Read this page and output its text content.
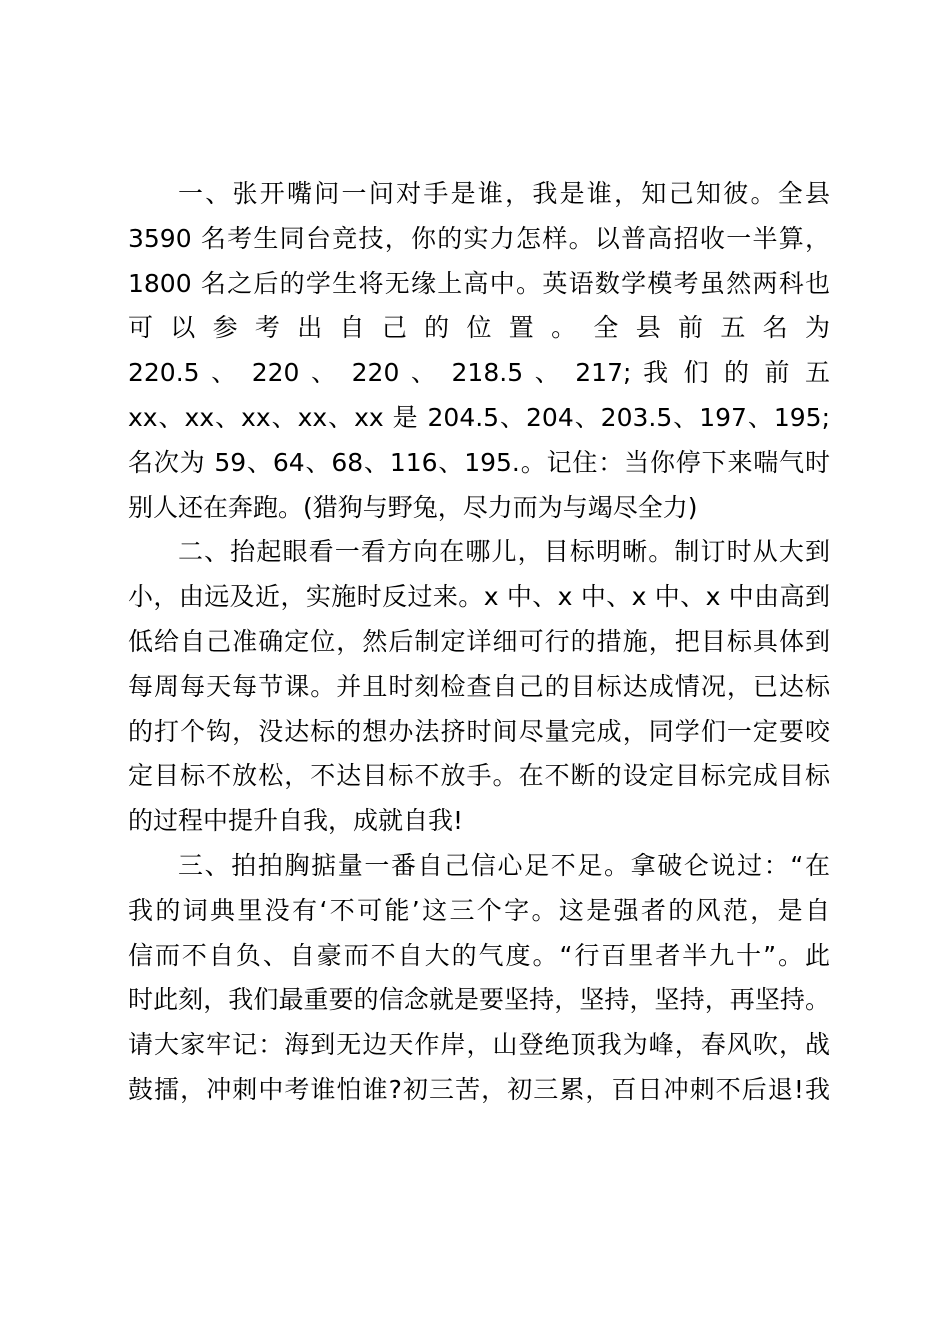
一、张开嘴问一问对手是谁，我是谁，知己知彼。全县
3590 名考生同台竞技，你的实力怎样。以普高招收一半算，
1800 名之后的学生将无缘上高中。英语数学模考虽然两科也
可 以 参 考 出 自 己 的 位 置 。 全 县 前 五 名 为
220.5 、 220 、 220 、 218.5 、 217; 我 们 的 前 五
xx、xx、xx、xx、xx 是 204.5、204、203.5、197、195;
名次为 59、64、68、116、195.。记住：当你停下来喘气时
别人还在奔跑。(猎狗与野兔，尽力而为与竭尽全力)
二、抬起眼看一看方向在哪儿，目标明晰。制订时从大到
小，由远及近，实施时反过来。x 中、x 中、x 中、x 中由高到
低给自己准确定位，然后制定详细可行的措施，把目标具体到
每周每天每节课。并且时刻检查自己的目标达成情况，已达标
的打个钩，没达标的想办法挤时间尽量完成，同学们一定要咬
定目标不放松，不达目标不放手。在不断的设定目标完成目标
的过程中提升自我，成就自我!
三、拍拍胸掂量一番自己信心足不足。拿破仑说过：“在
我的词典里没有‘不可能’这三个字。这是强者的风范，是自
信而不自负、自豪而不自大的气度。“行百里者半九十”。此
时此刻，我们最重要的信念就是要坚持，坚持，坚持，再坚持。
请大家牢记：海到无边天作岸，山登绝顶我为峰，春风吹，战
鼓擂，冲刺中考谁怕谁?初三苦，初三累，百日冲刺不后退!我
